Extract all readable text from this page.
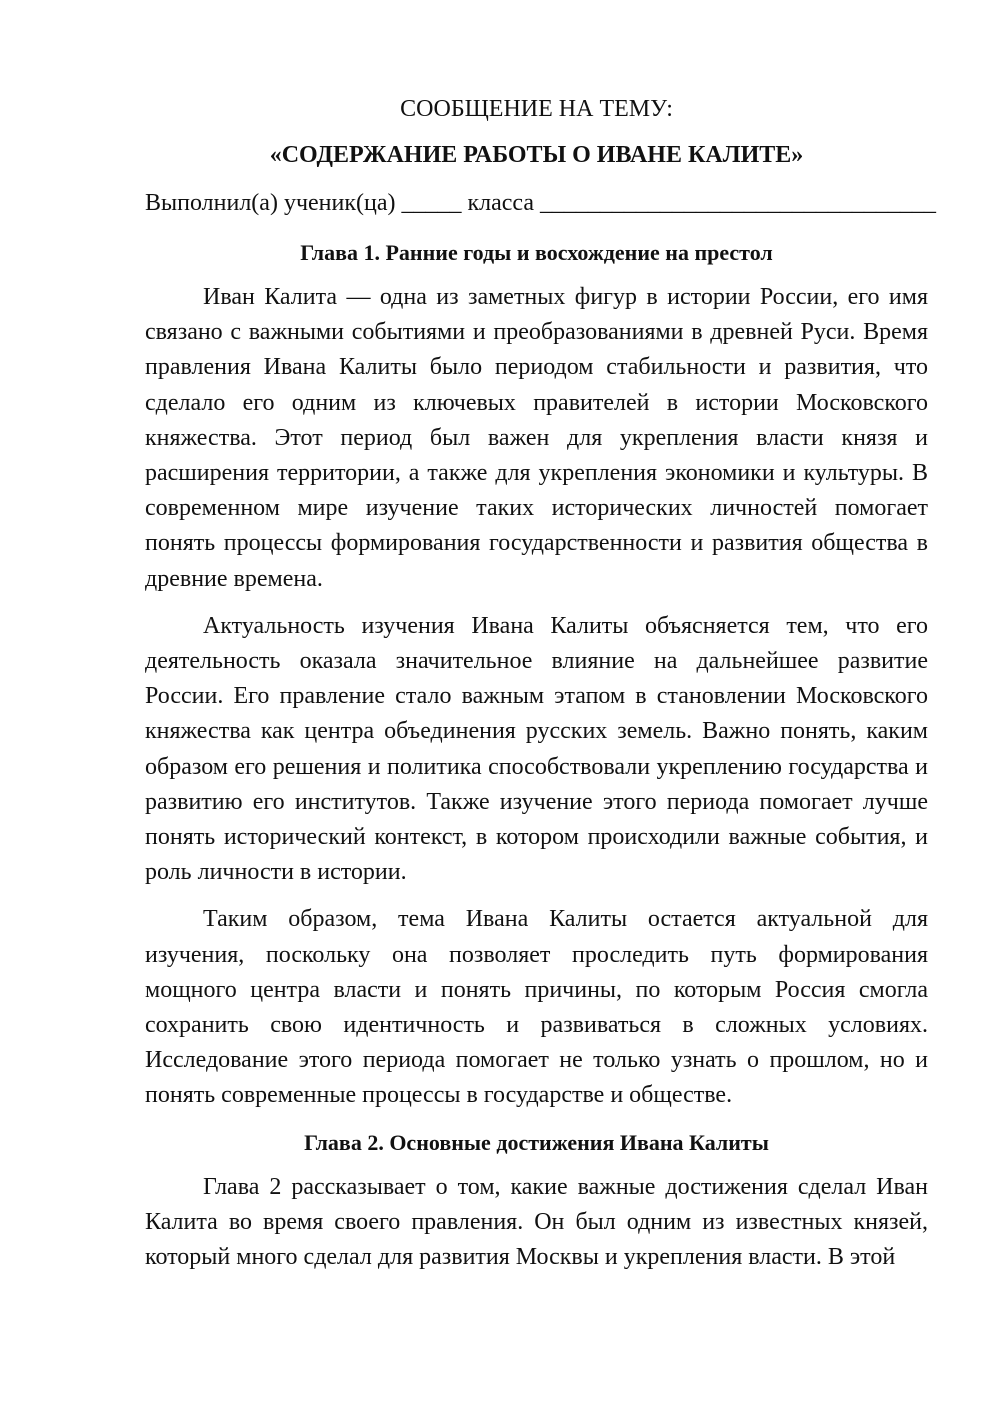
СООБЩЕНИЕ НА ТЕМУ:
«СОДЕРЖАНИЕ РАБОТЫ О ИВАНЕ КАЛИТЕ»
Выполнил(а) ученик(ца) _____ класса _________________________________
Глава 1. Ранние годы и восхождение на престол

Иван Калита — одна из заметных фигур в истории России, его имя связано с важными событиями и преобразованиями в древней Руси. Время правления Ивана Калиты было периодом стабильности и развития, что сделало его одним из ключевых правителей в истории Московского княжества. Этот период был важен для укрепления власти князя и расширения территории, а также для укрепления экономики и культуры. В современном мире изучение таких исторических личностей помогает понять процессы формирования государственности и развития общества в древние времена.

Актуальность изучения Ивана Калиты объясняется тем, что его деятельность оказала значительное влияние на дальнейшее развитие России. Его правление стало важным этапом в становлении Московского княжества как центра объединения русских земель. Важно понять, каким образом его решения и политика способствовали укреплению государства и развитию его институтов. Также изучение этого периода помогает лучше понять исторический контекст, в котором происходили важные события, и роль личности в истории.

Таким образом, тема Ивана Калиты остается актуальной для изучения, поскольку она позволяет проследить путь формирования мощного центра власти и понять причины, по которым Россия смогла сохранить свою идентичность и развиваться в сложных условиях. Исследование этого периода помогает не только узнать о прошлом, но и понять современные процессы в государстве и обществе.

Глава 2. Основные достижения Ивана Калиты

Глава 2 рассказывает о том, какие важные достижения сделал Иван Калита во время своего правления. Он был одним из известных князей, который много сделал для развития Москвы и укрепления власти. В этой
